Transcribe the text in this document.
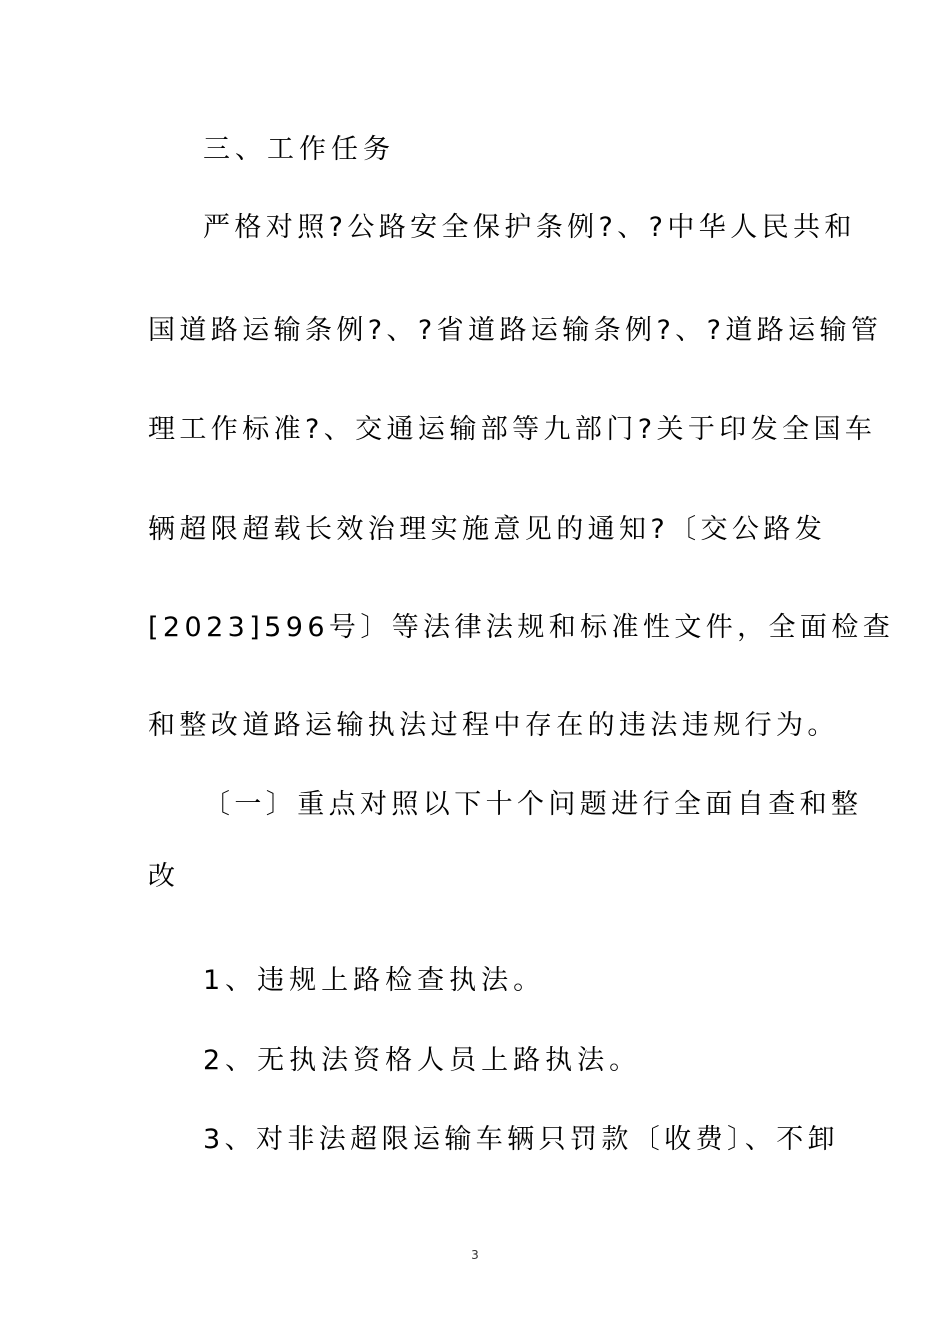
三、工作任务
严格对照?公路安全保护条例?、?中华人民共和
国道路运输条例?、?省道路运输条例?、?道路运输管
理工作标准?、交通运输部等九部门?关于印发全国车
辆超限超载长效治理实施意见的通知?〔交公路发
[2023]596号〕等法律法规和标准性文件，全面检查
和整改道路运输执法过程中存在的违法违规行为。
〔一〕重点对照以下十个问题进行全面自查和整
改
1、违规上路检查执法。
2、无执法资格人员上路执法。
3、对非法超限运输车辆只罚款〔收费〕、不卸
3
